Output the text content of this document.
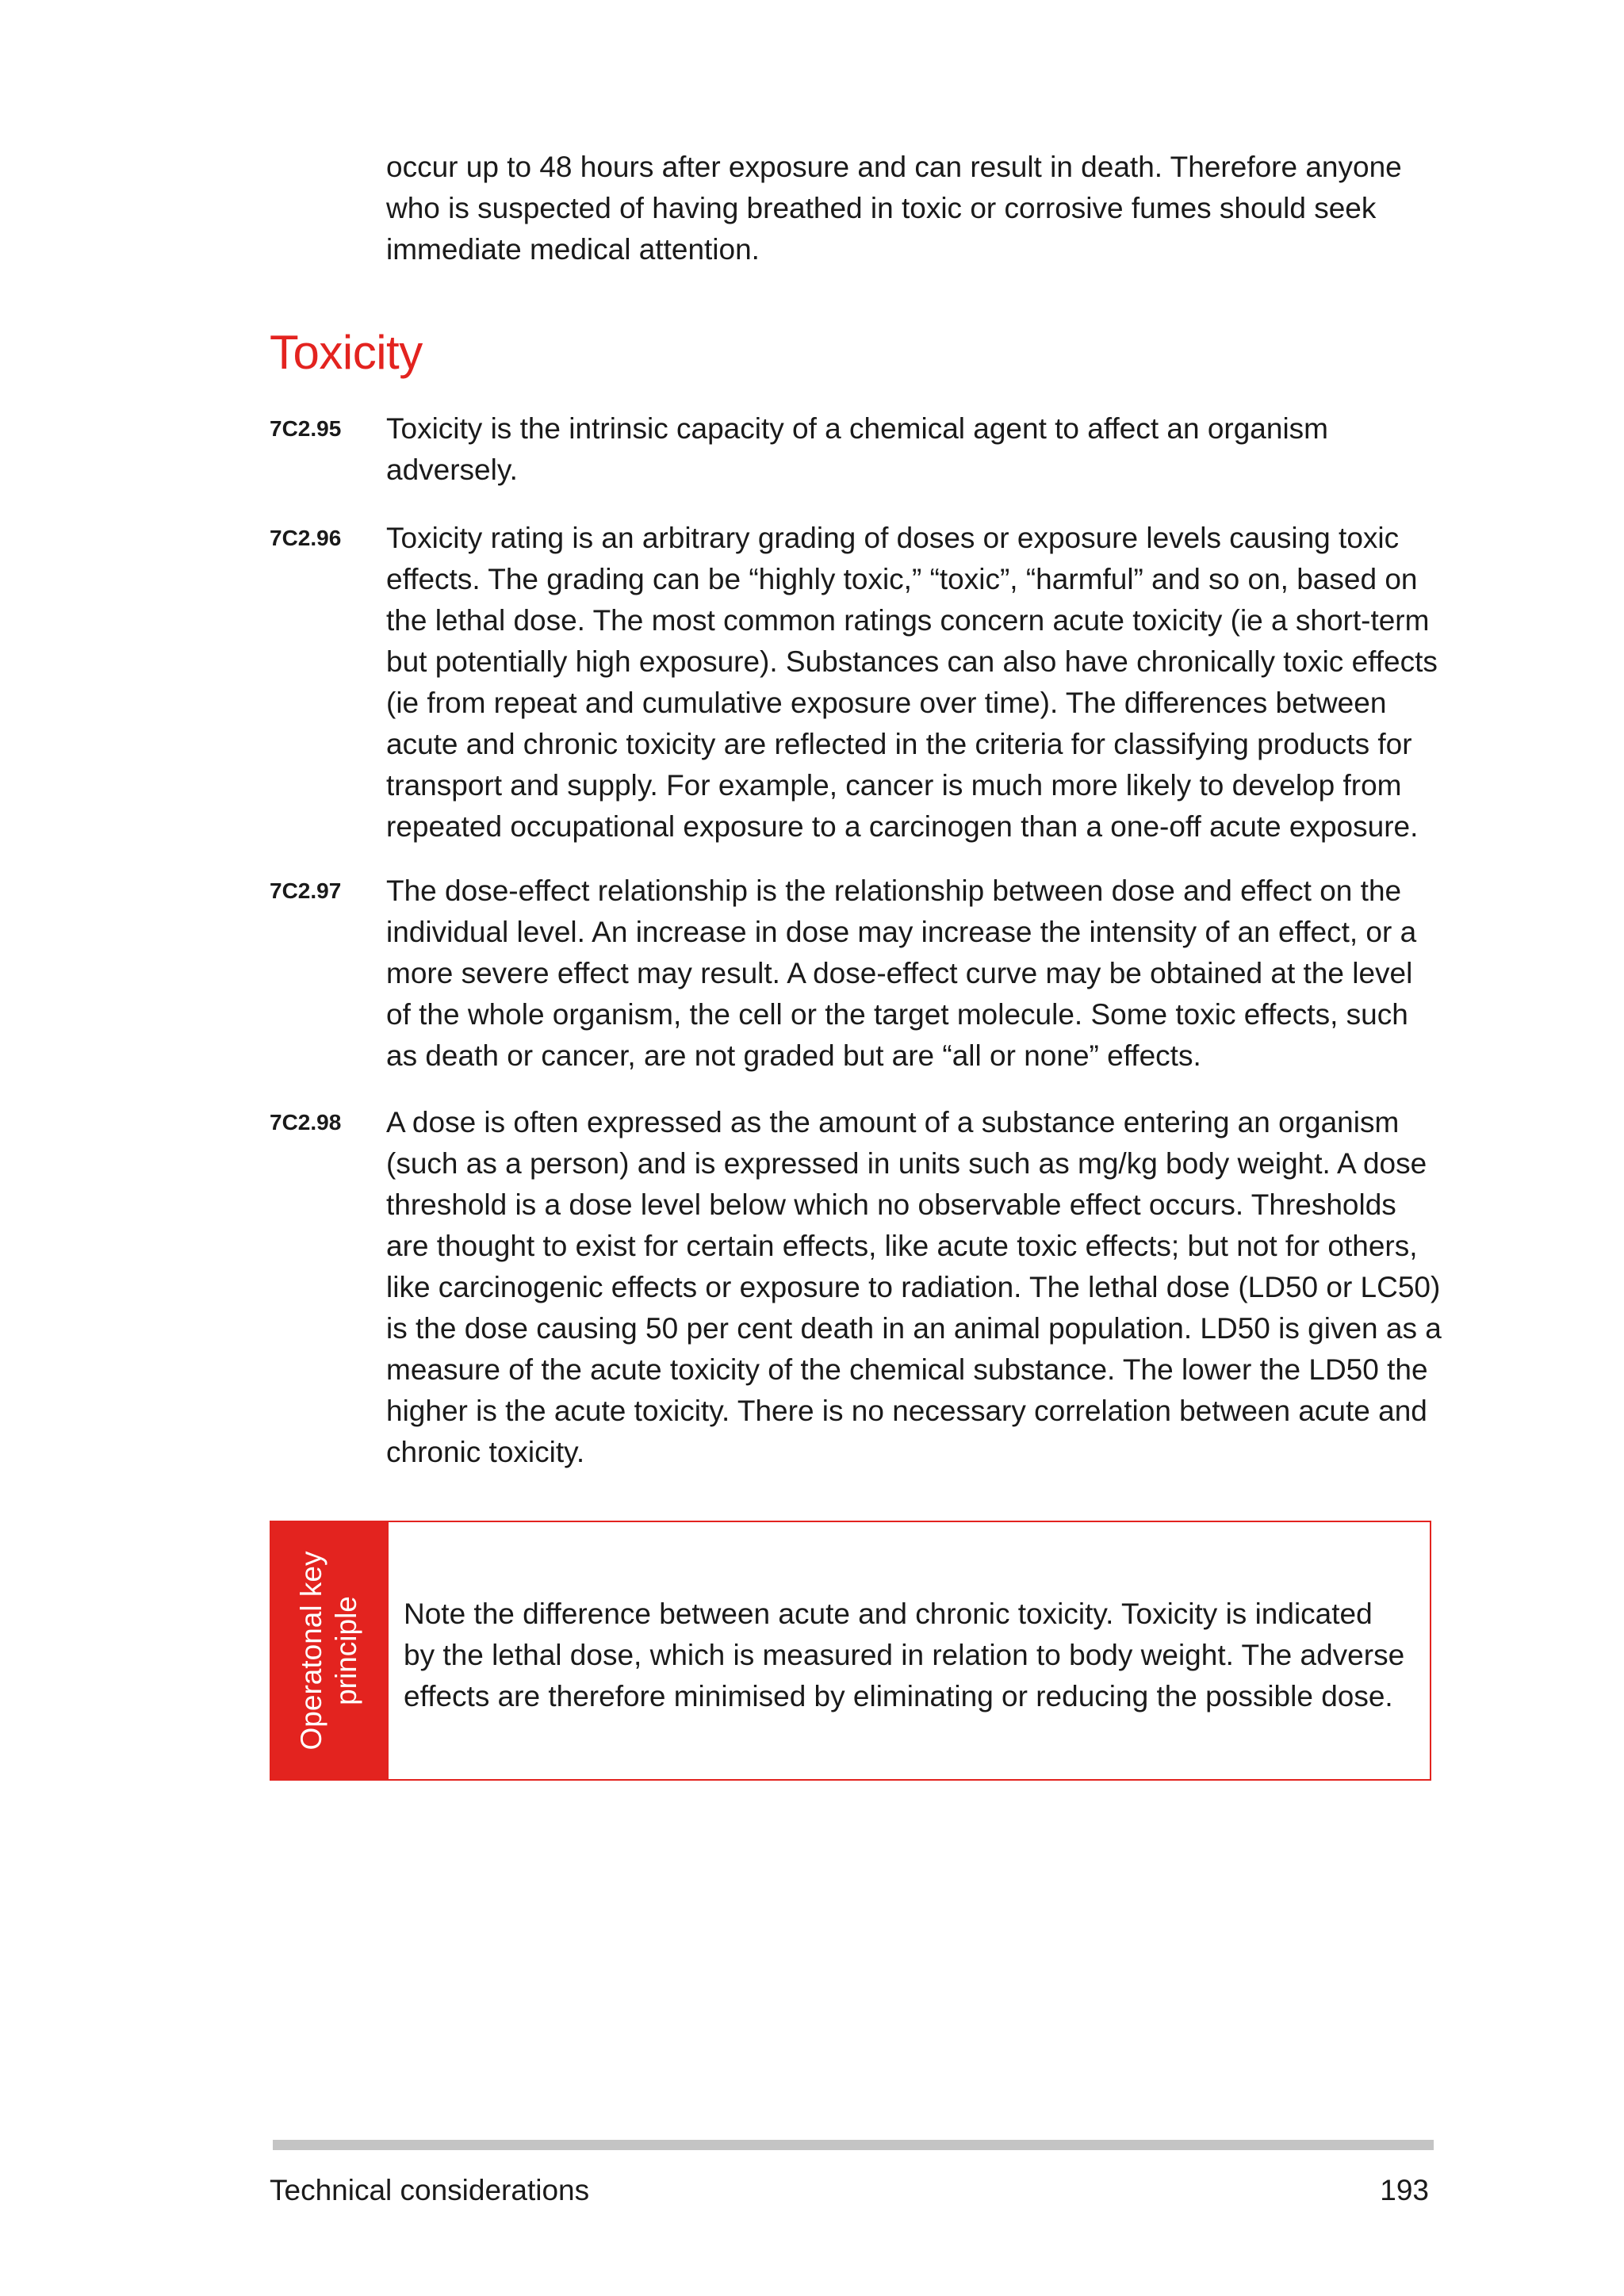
occur up to 48 hours after exposure and can result in death. Therefore anyone who is suspected of having breathed in toxic or corrosive fumes should seek immediate medical attention.

Toxicity
7C2.95 Toxicity is the intrinsic capacity of a chemical agent to affect an organism adversely.

7C2.96 Toxicity rating is an arbitrary grading of doses or exposure levels causing toxic effects. The grading can be “highly toxic,” “toxic”, “harmful” and so on, based on the lethal dose. The most common ratings concern acute toxicity (ie a short-term but potentially high exposure). Substances can also have chronically toxic effects (ie from repeat and cumulative exposure over time). The differences between acute and chronic toxicity are reflected in the criteria for classifying products for transport and supply. For example, cancer is much more likely to develop from repeated occupational exposure to a carcinogen than a one-off acute exposure.

7C2.97 The dose-effect relationship is the relationship between dose and effect on the individual level. An increase in dose may increase the intensity of an effect, or a more severe effect may result. A dose-effect curve may be obtained at the level of the whole organism, the cell or the target molecule. Some toxic effects, such as death or cancer, are not graded but are “all or none” effects.

7C2.98 A dose is often expressed as the amount of a substance entering an organism (such as a person) and is expressed in units such as mg/kg body weight. A dose threshold is a dose level below which no observable effect occurs. Thresholds are thought to exist for certain effects, like acute toxic effects; but not for others, like carcinogenic effects or exposure to radiation. The lethal dose (LD50 or LC50) is the dose causing 50 per cent death in an animal population. LD50 is given as a measure of the acute toxicity of the chemical substance. The lower the LD50 the higher is the acute toxicity. There is no necessary correlation between acute and chronic toxicity.

Operatonal key principle Note the difference between acute and chronic toxicity. Toxicity is indicated by the lethal dose, which is measured in relation to body weight. The adverse effects are therefore minimised by eliminating or reducing the possible dose.

Technical considerations	193
